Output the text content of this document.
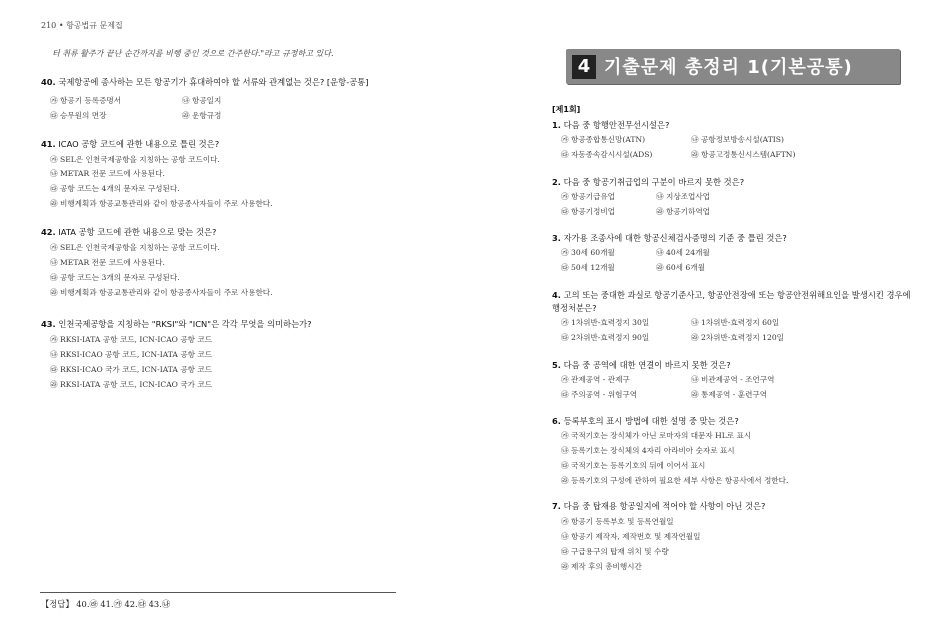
210 • 항공법규 문제집
터 취류 활주가 끝난 순간까지를 비행 중인 것으로 간주한다."라고 규정하고 있다.
40. 국제항공에 종사하는 모든 항공기가 휴대하여야 할 서류와 관계없는 것은? [운항-공통]
㉮ 항공기 등록증명서	㉯ 항공일지
㉰ 승무원의 면장	㉱ 운항규정
41. ICAO 공항 코드에 관한 내용으로 틀린 것은?
㉮ SEL은 인천국제공항을 지칭하는 공항 코드이다.
㉯ METAR 전문 코드에 사용된다.
㉰ 공항 코드는 4개의 문자로 구성된다.
㉱ 비행계획과 항공교통관리와 같이 항공종사자들이 주로 사용한다.
42. IATA 공항 코드에 관한 내용으로 맞는 것은?
㉮ SEL은 인천국제공항을 지칭하는 공항 코드이다.
㉯ METAR 전문 코드에 사용된다.
㉰ 공항 코드는 3개의 문자로 구성된다.
㉱ 비행계획과 항공교통관리와 같이 항공종사자들이 주로 사용한다.
43. 인천국제공항을 지칭하는 "RKSI"와 "ICN"은 각각 무엇을 의미하는가?
㉮ RKSI-IATA 공항 코드, ICN-ICAO 공항 코드
㉯ RKSI-ICAO 공항 코드, ICN-IATA 공항 코드
㉰ RKSI-ICAO 국가 코드, ICN-IATA 공항 코드
㉱ RKSI-IATA 공항 코드, ICN-ICAO 국가 코드
【정답】 40.㉱ 41.㉮ 42.㉰ 43.㉯
4 기출문제 총정리 1(기본공통)
[제1회]
1. 다음 중 항행안전무선시설은?
㉮ 항공종합통신망(ATN)	㉯ 공항정보방송시설(ATIS)
㉰ 자동종속감시시설(ADS)	㉱ 항공고정통신시스템(AFTN)
2. 다음 중 항공기취급업의 구분이 바르지 못한 것은?
㉮ 항공기급유업	㉯ 지상조업사업
㉰ 항공기정비업	㉱ 항공기하역업
3. 자가용 조종사에 대한 항공신체검사증명의 기준 중 틀린 것은?
㉮ 30세 60개월	㉯ 40세 24개월
㉰ 50세 12개월	㉱ 60세 6개월
4. 고의 또는 중대한 과실로 항공기준사고, 항공안전장애 또는 항공안전위해요인을 발생시킨 경우에
행정처분은?
㉮ 1차위반-효력정지 30일	㉯ 1차위반-효력정지 60일
㉰ 2차위반-효력정지 90일	㉱ 2차위반-효력정지 120일
5. 다음 중 공역에 대한 연결이 바르지 못한 것은?
㉮ 관제공역 - 관제구	㉯ 비관제공역 - 조언구역
㉰ 주의공역 - 위험구역	㉱ 통제공역 - 훈련구역
6. 등록부호의 표시 방법에 대한 설명 중 맞는 것은?
㉮ 국적기호는 장식체가 아닌 로마자의 대문자 HL로 표시
㉯ 등록기호는 장식체의 4자리 아라비아 숫자로 표시
㉰ 국적기호는 등록기호의 뒤에 이어서 표시
㉱ 등록기호의 구성에 관하여 필요한 세부 사항은 항공사에서 정한다.
7. 다음 중 탑재용 항공일지에 적어야 할 사항이 아닌 것은?
㉮ 항공기 등록부호 및 등록연월일
㉯ 항공기 제작자, 제작번호 및 제작연월일
㉰ 구급용구의 탑재 위치 및 수량
㉱ 제작 후의 총비행시간
